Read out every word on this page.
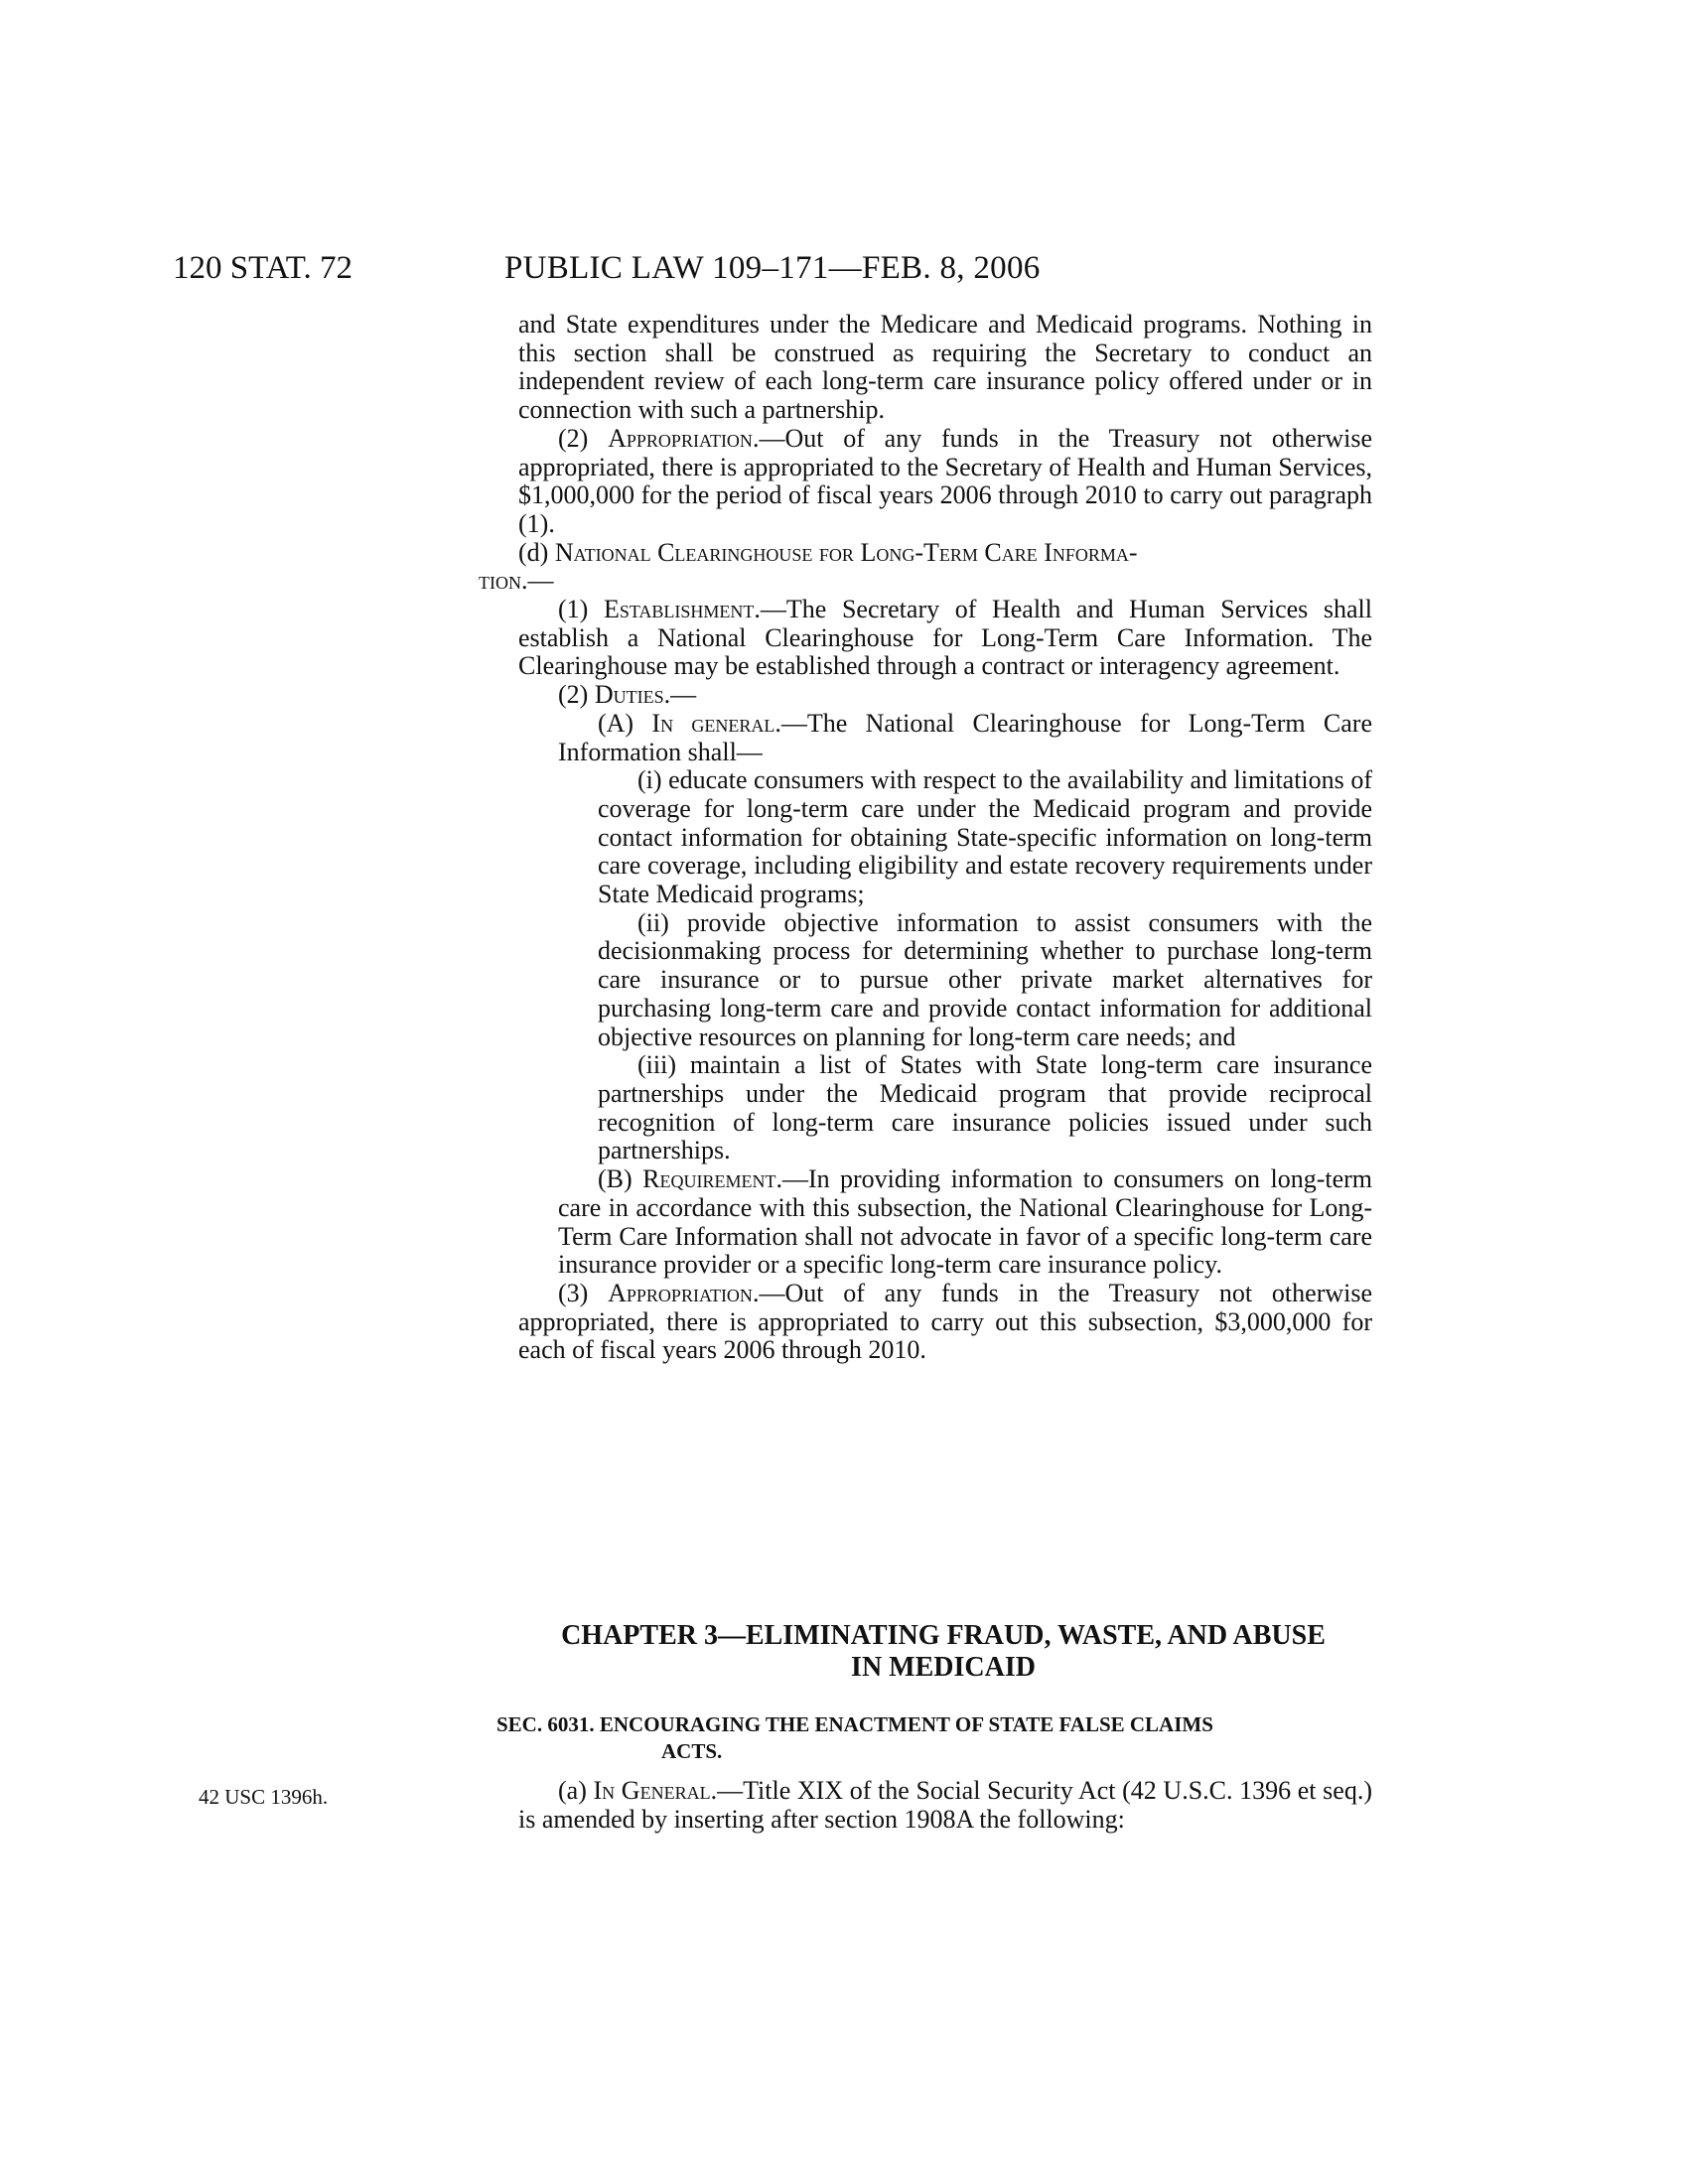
120 STAT. 72	PUBLIC LAW 109–171—FEB. 8, 2006

and State expenditures under the Medicare and Medicaid programs. Nothing in this section shall be construed as requiring the Secretary to conduct an independent review of each long-term care insurance policy offered under or in connection with such a partnership.

(2) Appropriation.—Out of any funds in the Treasury not otherwise appropriated, there is appropriated to the Secretary of Health and Human Services, $1,000,000 for the period of fiscal years 2006 through 2010 to carry out paragraph (1).

(d) National Clearinghouse for Long-Term Care Informa-
tion.—

(1) Establishment.—The Secretary of Health and Human Services shall establish a National Clearinghouse for Long-Term Care Information. The Clearinghouse may be established through a contract or interagency agreement.

(2) Duties.—

(A) In general.—The National Clearinghouse for Long-Term Care Information shall—

(i) educate consumers with respect to the availability and limitations of coverage for long-term care under the Medicaid program and provide contact information for obtaining State-specific information on long-term care coverage, including eligibility and estate recovery requirements under State Medicaid programs;

(ii) provide objective information to assist consumers with the decisionmaking process for determining whether to purchase long-term care insurance or to pursue other private market alternatives for purchasing long-term care and provide contact information for additional objective resources on planning for long-term care needs; and

(iii) maintain a list of States with State long-term care insurance partnerships under the Medicaid program that provide reciprocal recognition of long-term care insurance policies issued under such partnerships.

(B) Requirement.—In providing information to consumers on long-term care in accordance with this subsection, the National Clearinghouse for Long-Term Care Information shall not advocate in favor of a specific long-term care insurance provider or a specific long-term care insurance policy.

(3) Appropriation.—Out of any funds in the Treasury not otherwise appropriated, there is appropriated to carry out this subsection, $3,000,000 for each of fiscal years 2006 through 2010.

CHAPTER 3—ELIMINATING FRAUD, WASTE, AND ABUSE
IN MEDICAID
SEC. 6031. ENCOURAGING THE ENACTMENT OF STATE FALSE CLAIMS
ACTS.
42 USC 1396h.	(a) In General.—Title XIX of the Social Security Act (42 U.S.C. 1396 et seq.) is amended by inserting after section 1908A the following:
